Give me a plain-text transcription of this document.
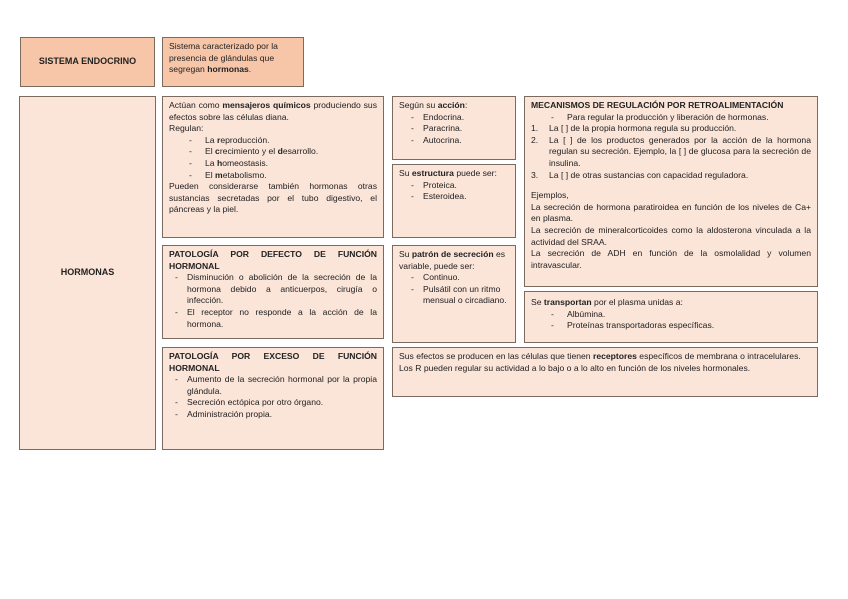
SISTEMA ENDOCRINO
Sistema caracterizado por la presencia de glándulas que segregan hormonas.
HORMONAS
Actúan como mensajeros químicos produciendo sus efectos sobre las células diana.
Regulan:
- La reproducción.
- El crecimiento y el desarrollo.
- La homeostasis.
- El metabolismo.
Pueden considerarse también hormonas otras sustancias secretadas por el tubo digestivo, el páncreas y la piel.
Según su acción:
- Endocrina.
- Paracrina.
- Autocrina.
Su estructura puede ser:
- Proteica.
- Esteroidea.
Su patrón de secreción es variable, puede ser:
- Continuo.
- Pulsátil con un ritmo mensual o circadiano.
MECANISMOS DE REGULACIÓN POR RETROALIMENTACIÓN
- Para regular la producción y liberación de hormonas.
1. La [ ] de la propia hormona regula su producción.
2. La [ ] de los productos generados por la acción de la hormona regulan su secreción. Ejemplo, la [ ] de glucosa para la secreción de insulina.
3. La [ ] de otras sustancias con capacidad reguladora.
Ejemplos,
La secreción de hormona paratiroidea en función de los niveles de Ca+ en plasma.
La secreción de mineralcorticoides como la aldosterona vinculada a la actividad del SRAA.
La secreción de ADH en función de la osmolalidad y volumen intravascular.
Se transportan por el plasma unidas a:
- Albúmina.
- Proteínas transportadoras específicas.
PATOLOGÍA POR DEFECTO DE FUNCIÓN HORMONAL
- Disminución o abolición de la secreción de la hormona debido a anticuerpos, cirugía o infección.
- El receptor no responde a la acción de la hormona.
PATOLOGÍA POR EXCESO DE FUNCIÓN HORMONAL
- Aumento de la secreción hormonal por la propia glándula.
- Secreción ectópica por otro órgano.
- Administración propia.
Sus efectos se producen en las células que tienen receptores específicos de membrana o intracelulares.
Los R pueden regular su actividad a lo bajo o a lo alto en función de los niveles hormonales.
